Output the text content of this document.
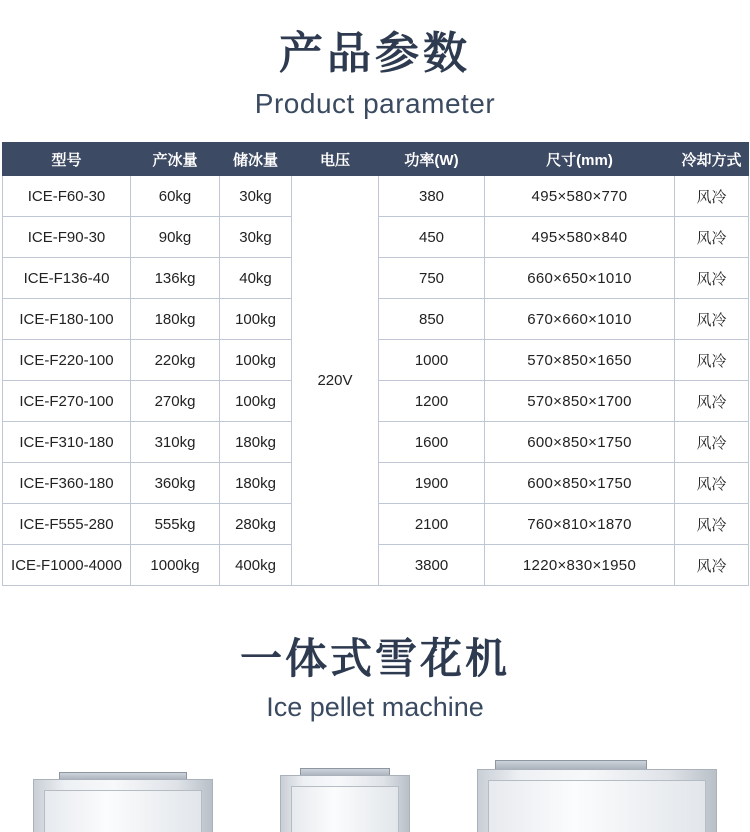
产品参数
Product parameter
型号	产冰量	储冰量	电压	功率(W)	尺寸(mm)	冷却方式
ICE-F60-30	60kg	30kg	220V	380	495×580×770	风冷
ICE-F90-30	90kg	30kg		450	495×580×840	风冷
ICE-F136-40	136kg	40kg		750	660×650×1010	风冷
ICE-F180-100	180kg	100kg		850	670×660×1010	风冷
ICE-F220-100	220kg	100kg		1000	570×850×1650	风冷
ICE-F270-100	270kg	100kg		1200	570×850×1700	风冷
ICE-F310-180	310kg	180kg		1600	600×850×1750	风冷
ICE-F360-180	360kg	180kg		1900	600×850×1750	风冷
ICE-F555-280	555kg	280kg		2100	760×810×1870	风冷
ICE-F1000-4000	1000kg	400kg		3800	1220×830×1950	风冷
一体式雪花机
Ice pellet machine
